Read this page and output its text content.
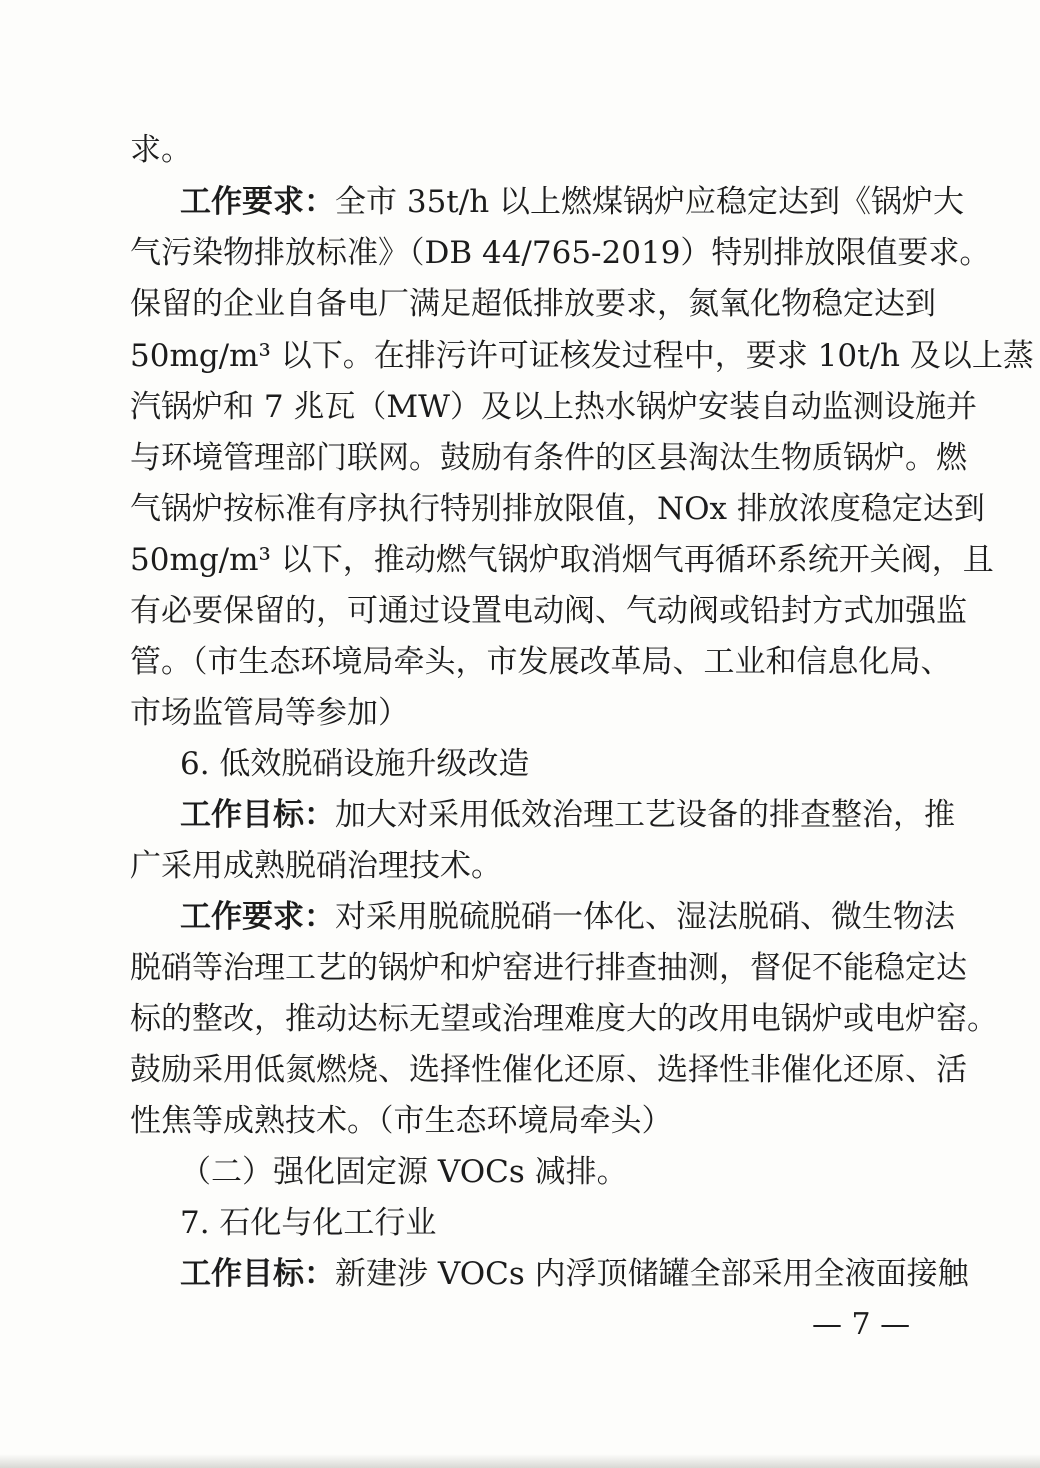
求。
工作要求：全市 35t/h 以上燃煤锅炉应稳定达到《锅炉大
气污染物排放标准》（DB 44/765-2019）特别排放限值要求。
保留的企业自备电厂满足超低排放要求，氮氧化物稳定达到
50mg/m³ 以下。在排污许可证核发过程中，要求 10t/h 及以上蒸
汽锅炉和 7 兆瓦（MW）及以上热水锅炉安装自动监测设施并
与环境管理部门联网。鼓励有条件的区县淘汰生物质锅炉。燃
气锅炉按标准有序执行特别排放限值，NOx 排放浓度稳定达到
50mg/m³ 以下，推动燃气锅炉取消烟气再循环系统开关阀，且
有必要保留的，可通过设置电动阀、气动阀或铅封方式加强监
管。（市生态环境局牵头，市发展改革局、工业和信息化局、
市场监管局等参加）
6. 低效脱硝设施升级改造
工作目标：加大对采用低效治理工艺设备的排查整治，推
广采用成熟脱硝治理技术。
工作要求：对采用脱硫脱硝一体化、湿法脱硝、微生物法
脱硝等治理工艺的锅炉和炉窑进行排查抽测，督促不能稳定达
标的整改，推动达标无望或治理难度大的改用电锅炉或电炉窑。
鼓励采用低氮燃烧、选择性催化还原、选择性非催化还原、活
性焦等成熟技术。（市生态环境局牵头）
（二）强化固定源 VOCs 减排。
7. 石化与化工行业
工作目标：新建涉 VOCs 内浮顶储罐全部采用全液面接触
— 7 —
